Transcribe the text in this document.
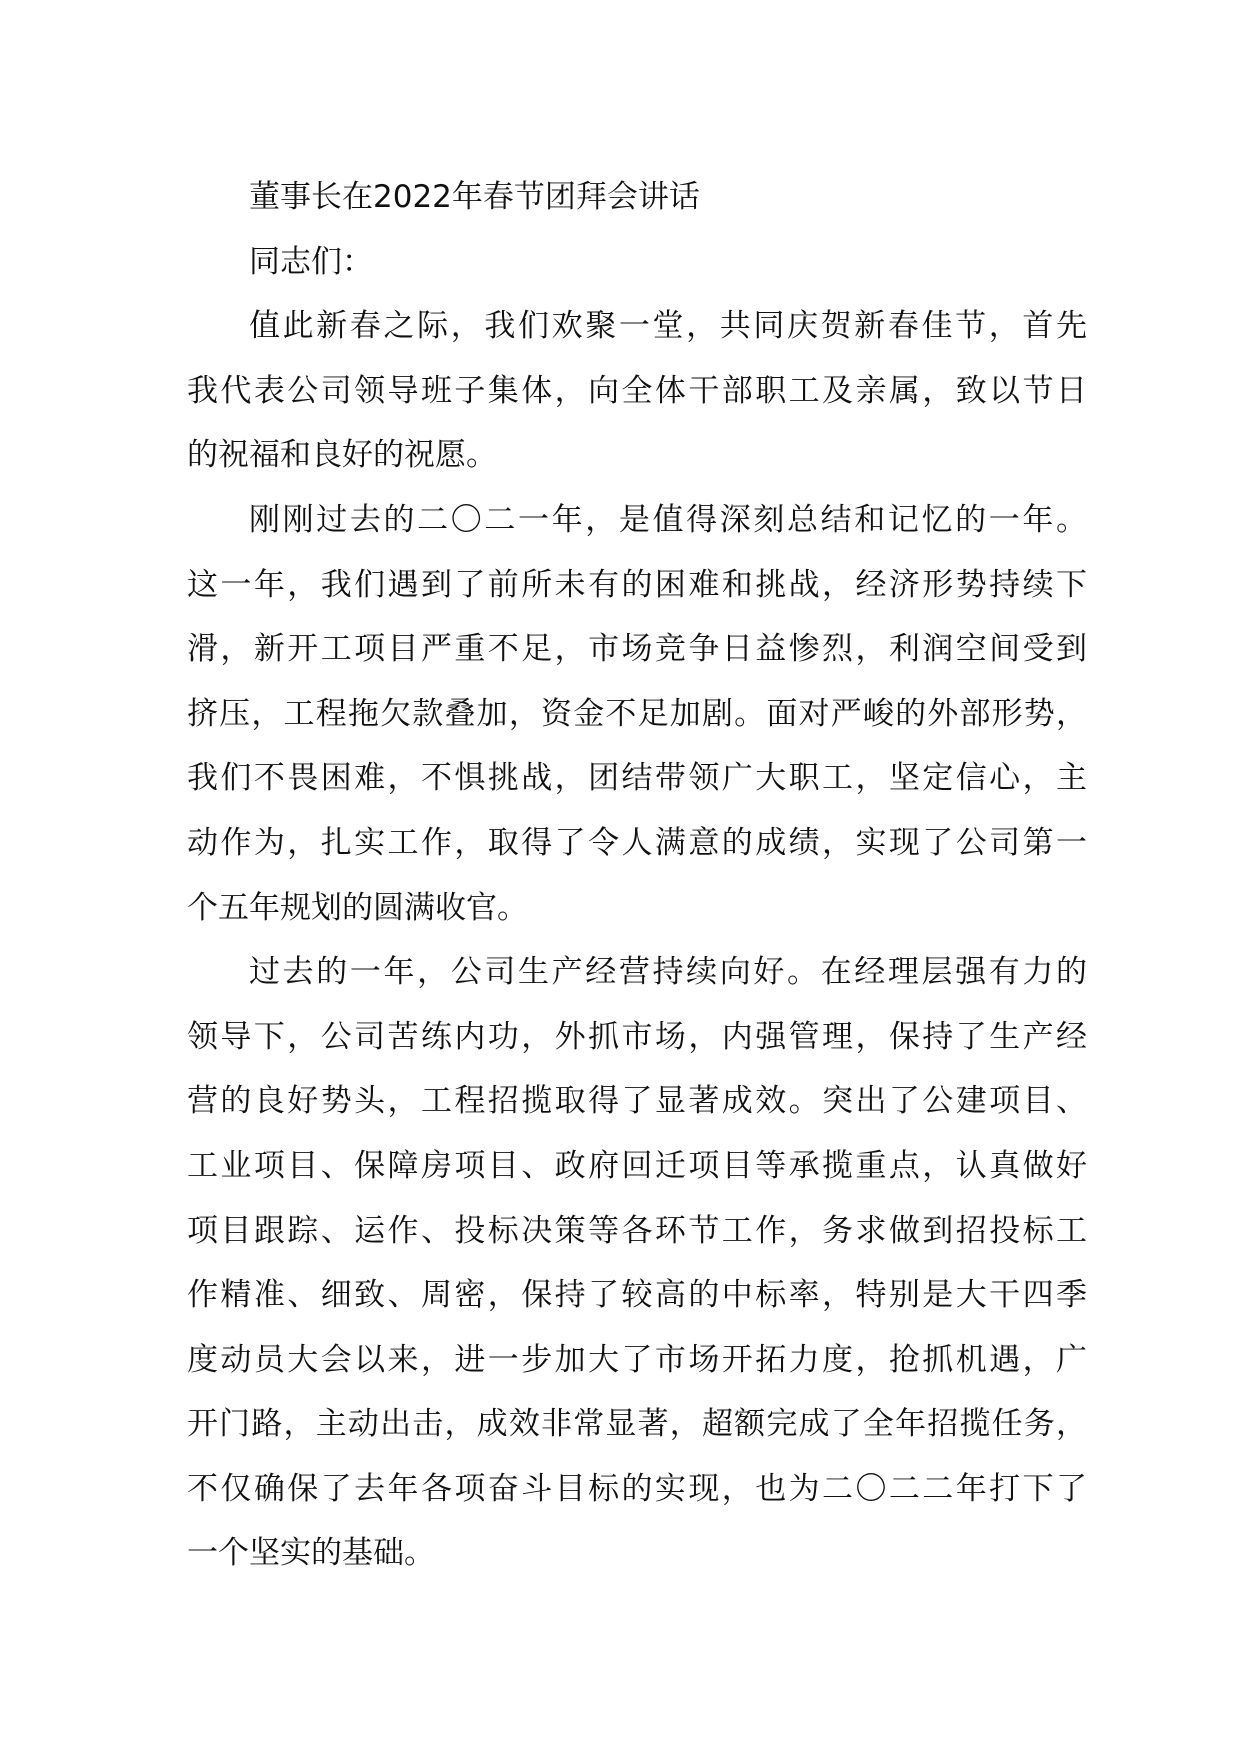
董事长在2022年春节团拜会讲话
同志们：
值此新春之际，我们欢聚一堂，共同庆贺新春佳节，首先
我代表公司领导班子集体，向全体干部职工及亲属，致以节日
的祝福和良好的祝愿。
刚刚过去的二〇二一年，是值得深刻总结和记忆的一年。
这一年，我们遇到了前所未有的困难和挑战，经济形势持续下
滑，新开工项目严重不足，市场竞争日益惨烈，利润空间受到
挤压，工程拖欠款叠加，资金不足加剧。面对严峻的外部形势，
我们不畏困难，不惧挑战，团结带领广大职工，坚定信心，主
动作为，扎实工作，取得了令人满意的成绩，实现了公司第一
个五年规划的圆满收官。
过去的一年，公司生产经营持续向好。在经理层强有力的
领导下，公司苦练内功，外抓市场，内强管理，保持了生产经
营的良好势头，工程招揽取得了显著成效。突出了公建项目、
工业项目、保障房项目、政府回迁项目等承揽重点，认真做好
项目跟踪、运作、投标决策等各环节工作，务求做到招投标工
作精准、细致、周密，保持了较高的中标率，特别是大干四季
度动员大会以来，进一步加大了市场开拓力度，抢抓机遇，广
开门路，主动出击，成效非常显著，超额完成了全年招揽任务，
不仅确保了去年各项奋斗目标的实现，也为二〇二二年打下了
一个坚实的基础。
